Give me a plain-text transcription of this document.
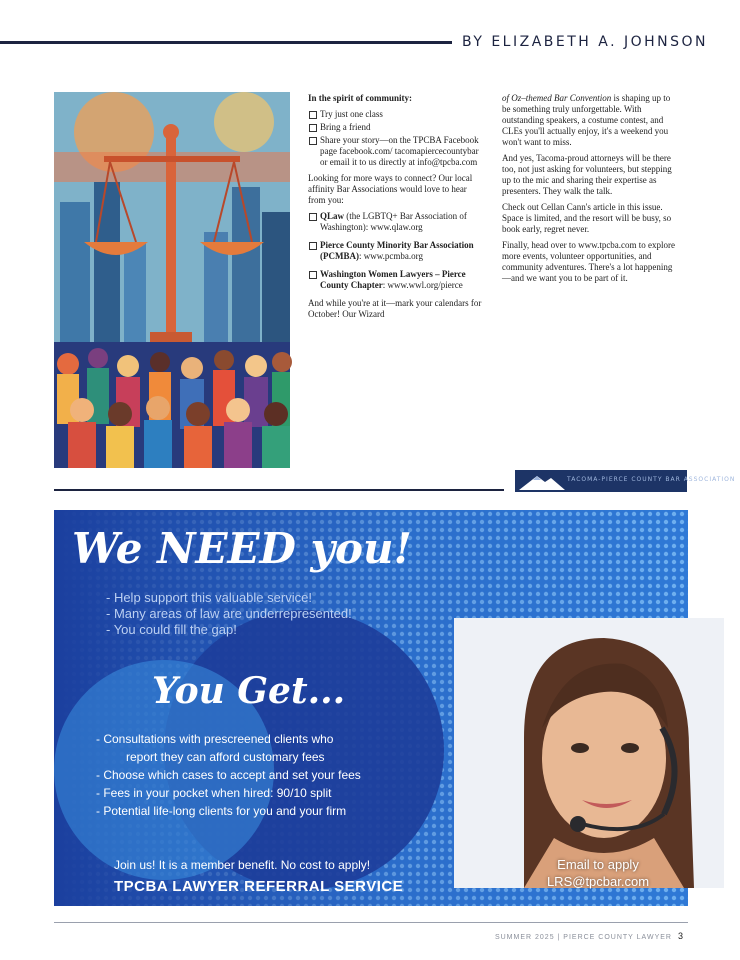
BY ELIZABETH A. JOHNSON

In the spirit of community:

Try just one class
Bring a friend
Share your story—on the TPCBA Facebook page facebook.com/ tacomapiercecountybar or email it to us directly at info@tpcba.com

Looking for more ways to connect? Our local affinity Bar Associations would love to hear from you:

QLaw (the LGBTQ+ Bar Association of Washington): www.qlaw.org
Pierce County Minority Bar Association (PCMBA): www.pcmba.org
Washington Women Lawyers – Pierce County Chapter: www.wwl.org/pierce

And while you're at it—mark your calendars for October! Our Wizard

of Oz–themed Bar Convention is shaping up to be something truly unforgettable. With outstanding speakers, a costume contest, and CLEs you'll actually enjoy, it's a weekend you won't want to miss.

And yes, Tacoma-proud attorneys will be there too, not just asking for volunteers, but stepping up to the mic and sharing their expertise as presenters. They walk the talk.

Check out Cellan Cann's article in this issue. Space is limited, and the resort will be busy, so book early, regret never.

Finally, head over to www.tpcba.com to explore more events, volunteer opportunities, and community adventures. There's a lot happening—and we want you to be part of it.

TACOMA-PIERCE COUNTY BAR ASSOCIATION
We NEED you!
- Help support this valuable service!
- Many areas of law are underrepresented!
- You could fill the gap!
You Get...
- Consultations with prescreened clients who
report they can afford customary fees
- Choose which cases to accept and set your fees
- Fees in your pocket when hired: 90/10 split
- Potential life-long clients for you and your firm
Email to apply
LRS@tpcbar.com
Join us! It is a member benefit. No cost to apply!
TPCBA LAWYER REFERRAL SERVICE
SUMMER 2025 | PIERCE COUNTY LAWYER 3
